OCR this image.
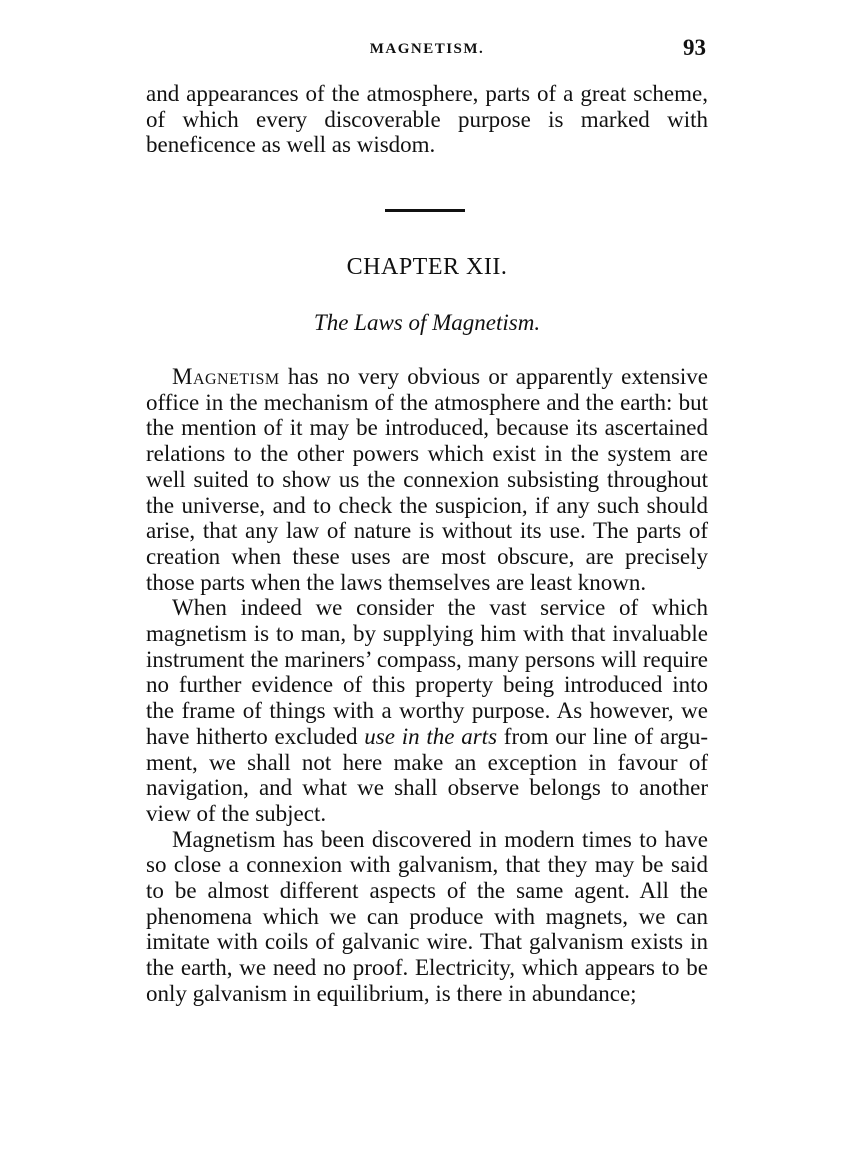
MAGNETISM.	93

and appearances of the atmosphere, parts of a great scheme, of which every discoverable purpose is marked with beneficence as well as wisdom.

CHAPTER XII.
The Laws of Magnetism.

Magnetism has no very obvious or apparently extensive office in the mechanism of the atmosphere and the earth: but the mention of it may be introduced, because its ascertained relations to the other powers which exist in the system are well suited to show us the connexion subsisting throughout the universe, and to check the suspicion, if any such should arise, that any law of nature is without its use. The parts of creation when these uses are most obscure, are precisely those parts when the laws themselves are least known.

When indeed we consider the vast service of which magnetism is to man, by supplying him with that invaluable instrument the mariners’ compass, many persons will require no further evidence of this property being introduced into the frame of things with a worthy purpose. As however, we have hitherto excluded use in the arts from our line of argument, we shall not here make an exception in favour of navigation, and what we shall observe belongs to another view of the subject.

Magnetism has been discovered in modern times to have so close a connexion with galvanism, that they may be said to be almost different aspects of the same agent. All the phenomena which we can produce with magnets, we can imitate with coils of galvanic wire. That galvanism exists in the earth, we need no proof. Electricity, which appears to be only galvanism in equilibrium, is there in abundance;
